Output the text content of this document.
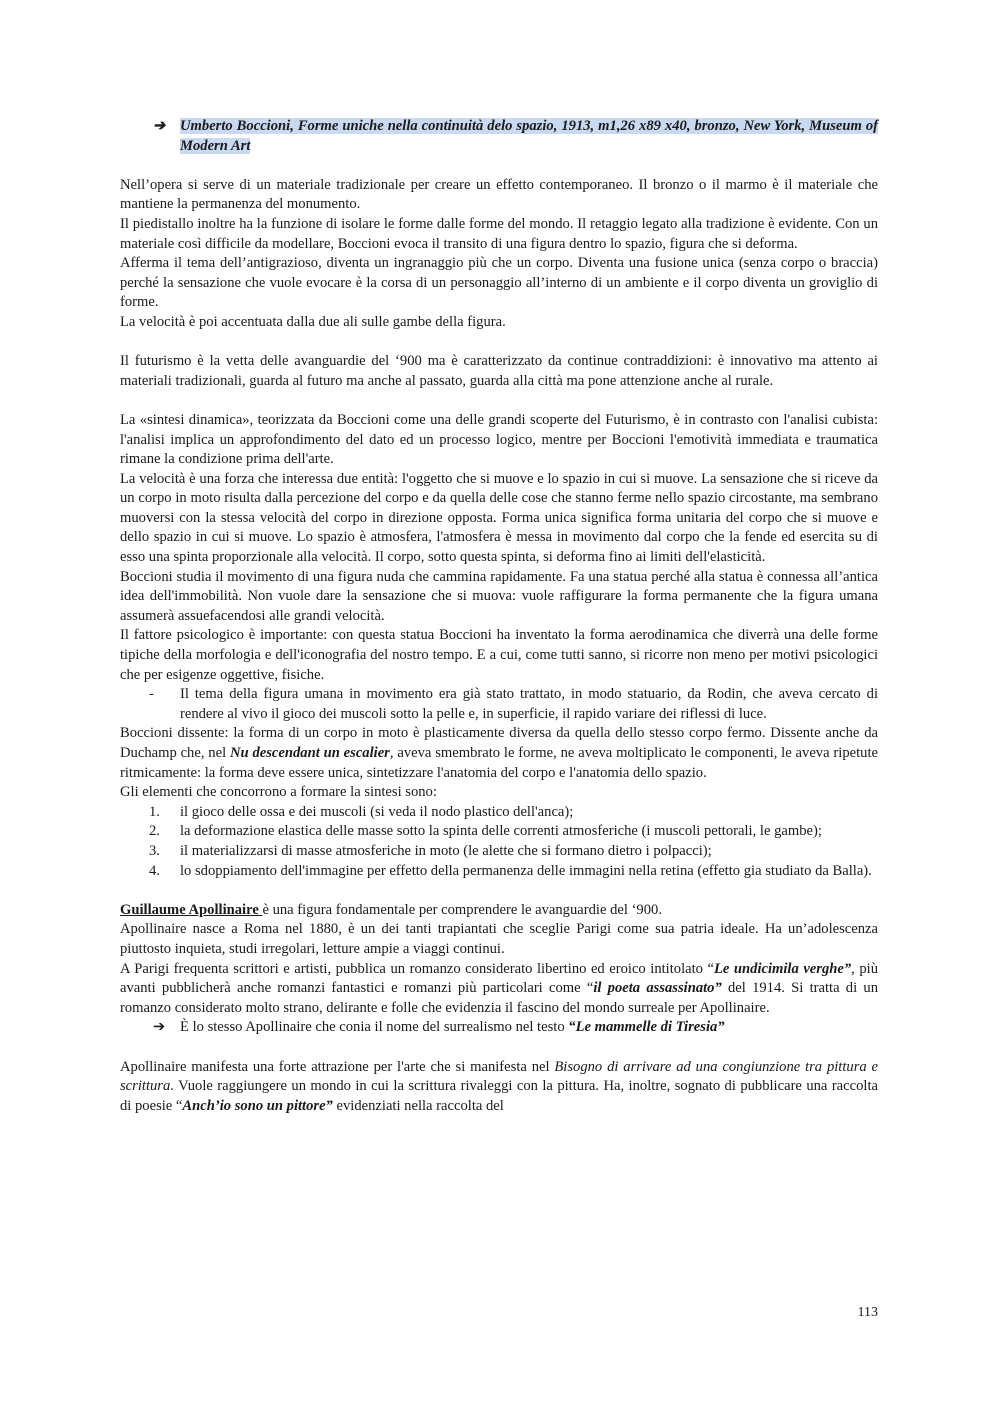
➔ Umberto Boccioni, Forme uniche nella continuità delo spazio, 1913, m1,26 x89 x40, bronzo, New York, Museum of Modern Art

Nell’opera si serve di un materiale tradizionale per creare un effetto contemporaneo. Il bronzo o il marmo è il materiale che mantiene la permanenza del monumento.

Il piedistallo inoltre ha la funzione di isolare le forme dalle forme del mondo. Il retaggio legato alla tradizione è evidente. Con un materiale così difficile da modellare, Boccioni evoca il transito di una figura dentro lo spazio, figura che si deforma.

Afferma il tema dell’antigrazioso, diventa un ingranaggio più che un corpo. Diventa una fusione unica (senza corpo o braccia) perché la sensazione che vuole evocare è la corsa di un personaggio all’interno di un ambiente e il corpo diventa un groviglio di forme.

La velocità è poi accentuata dalla due ali sulle gambe della figura.

Il futurismo è la vetta delle avanguardie del ‘900 ma è caratterizzato da continue contraddizioni: è innovativo ma attento ai materiali tradizionali, guarda al futuro ma anche al passato, guarda alla città ma pone attenzione anche al rurale.

La «sintesi dinamica», teorizzata da Boccioni come una delle grandi scoperte del Futurismo, è in contrasto con l'analisi cubista: l'analisi implica un approfondimento del dato ed un processo logico, mentre per Boccioni l'emotività immediata e traumatica rimane la condizione prima dell'arte.

La velocità è una forza che interessa due entità: l'oggetto che si muove e lo spazio in cui si muove. La sensazione che si riceve da un corpo in moto risulta dalla percezione del corpo e da quella delle cose che stanno ferme nello spazio circostante, ma sembrano muoversi con la stessa velocità del corpo in direzione opposta. Forma unica significa forma unitaria del corpo che si muove e dello spazio in cui si muove. Lo spazio è atmosfera, l'atmosfera è messa in movimento dal corpo che la fende ed esercita su di esso una spinta proporzionale alla velocità. Il corpo, sotto questa spinta, si deforma fino ai limiti dell'elasticità.

Boccioni studia il movimento di una figura nuda che cammina rapidamente. Fa una statua perché alla statua è connessa all’antica idea dell'immobilità. Non vuole dare la sensazione che si muova: vuole raffigurare la forma permanente che la figura umana assumerà assuefacendosi alle grandi velocità.

Il fattore psicologico è importante: con questa statua Boccioni ha inventato la forma aerodinamica che diverrà una delle forme tipiche della morfologia e dell'iconografia del nostro tempo. E a cui, come tutti sanno, si ricorre non meno per motivi psicologici che per esigenze oggettive, fisiche.

- Il tema della figura umana in movimento era già stato trattato, in modo statuario, da Rodin, che aveva cercato di rendere al vivo il gioco dei muscoli sotto la pelle e, in superficie, il rapido variare dei riflessi di luce.

Boccioni dissente: la forma di un corpo in moto è plasticamente diversa da quella dello stesso corpo fermo. Dissente anche da Duchamp che, nel Nu descendant un escalier, aveva smembrato le forme, ne aveva moltiplicato le componenti, le aveva ripetute ritmicamente: la forma deve essere unica, sintetizzare l'anatomia del corpo e l'anatomia dello spazio.

Gli elementi che concorrono a formare la sintesi sono:

1. il gioco delle ossa e dei muscoli (si veda il nodo plastico dell'anca);
2. la deformazione elastica delle masse sotto la spinta delle correnti atmosferiche (i muscoli pettorali, le gambe);
3. il materializzarsi di masse atmosferiche in moto (le alette che si formano dietro i polpacci);
4. lo sdoppiamento dell'immagine per effetto della permanenza delle immagini nella retina (effetto gia studiato da Balla).

Guillaume Apollinaire è una figura fondamentale per comprendere le avanguardie del ‘900.

Apollinaire nasce a Roma nel 1880, è un dei tanti trapiantati che sceglie Parigi come sua patria ideale. Ha un’adolescenza piuttosto inquieta, studi irregolari, letture ampie a viaggi continui.

A Parigi frequenta scrittori e artisti, pubblica un romanzo considerato libertino ed eroico intitolato “Le undicimila verghe”, più avanti pubblicherà anche romanzi fantastici e romanzi più particolari come “il poeta assassinato” del 1914. Si tratta di un romanzo considerato molto strano, delirante e folle che evidenzia il fascino del mondo surreale per Apollinaire.

➔ È lo stesso Apollinaire che conia il nome del surrealismo nel testo “Le mammelle di Tiresia”

Apollinaire manifesta una forte attrazione per l'arte che si manifesta nel Bisogno di arrivare ad una congiunzione tra pittura e scrittura. Vuole raggiungere un mondo in cui la scrittura rivaleggi con la pittura. Ha, inoltre, sognato di pubblicare una raccolta di poesie “Anch’io sono un pittore” evidenziati nella raccolta del

113
